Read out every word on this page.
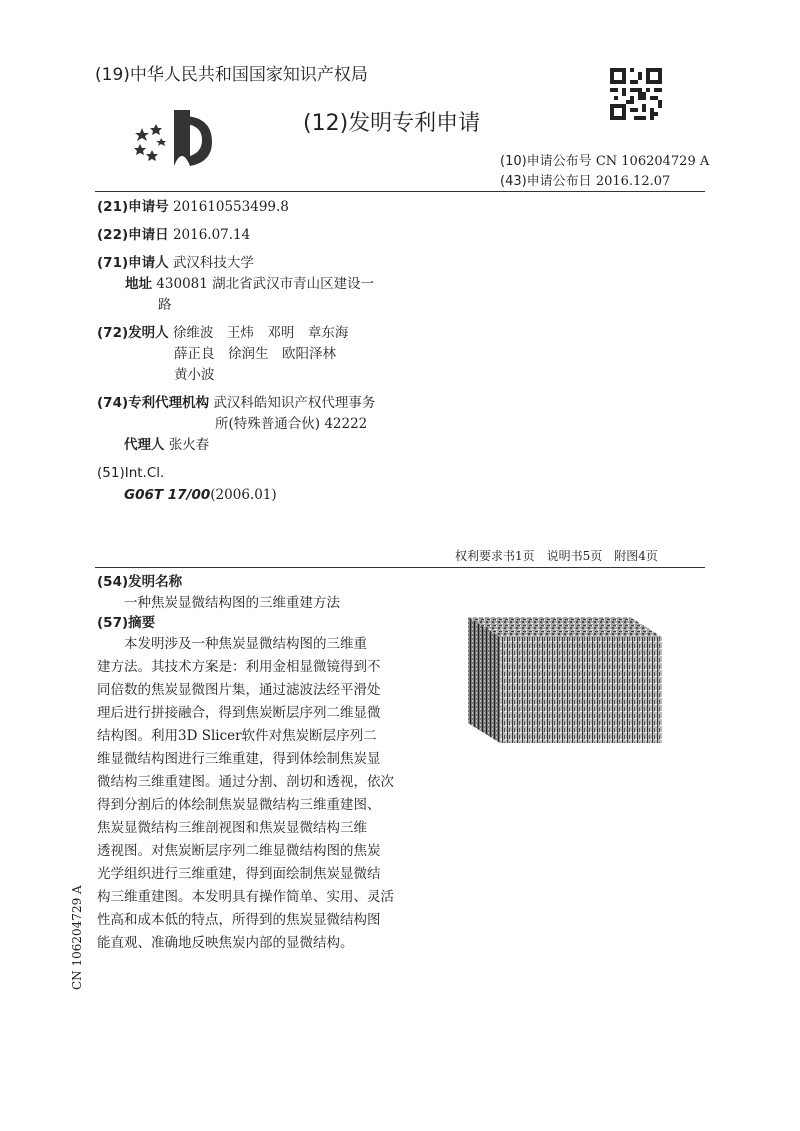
(19)中华人民共和国国家知识产权局
(12)发明专利申请
(10)申请公布号 CN 106204729 A
(43)申请公布日 2016.12.07
(21)申请号 201610553499.8
(22)申请日 2016.07.14
(71)申请人 武汉科技大学
地址 430081 湖北省武汉市青山区建设一
路
(72)发明人 徐维波　王炜　邓明　章东海
薛正良　徐润生　欧阳泽林
黄小波
(74)专利代理机构 武汉科皓知识产权代理事务
所(特殊普通合伙) 42222
代理人 张火春
(51)Int.Cl.
G06T 17/00(2006.01)
权利要求书1页　说明书5页　附图4页
(54)发明名称
一种焦炭显微结构图的三维重建方法
(57)摘要
本发明涉及一种焦炭显微结构图的三维重
建方法。其技术方案是：利用金相显微镜得到不
同倍数的焦炭显微图片集，通过滤波法经平滑处
理后进行拼接融合，得到焦炭断层序列二维显微
结构图。利用3D Slicer软件对焦炭断层序列二
维显微结构图进行三维重建，得到体绘制焦炭显
微结构三维重建图。通过分割、剖切和透视，依次
得到分割后的体绘制焦炭显微结构三维重建图、
焦炭显微结构三维剖视图和焦炭显微结构三维
透视图。对焦炭断层序列二维显微结构图的焦炭
光学组织进行三维重建，得到面绘制焦炭显微结
构三维重建图。本发明具有操作简单、实用、灵活
性高和成本低的特点，所得到的焦炭显微结构图
能直观、准确地反映焦炭内部的显微结构。
CN 106204729 A
